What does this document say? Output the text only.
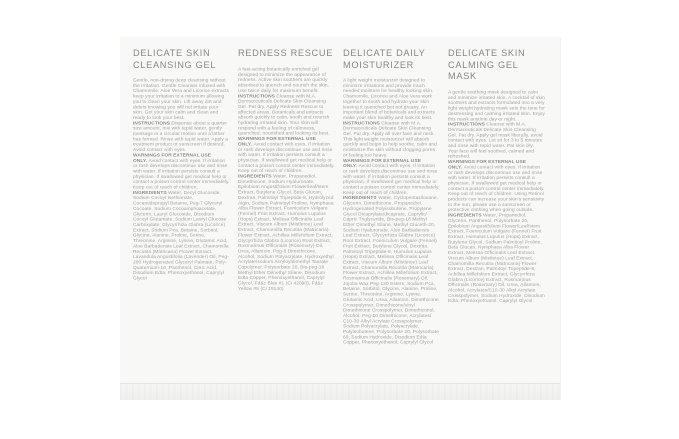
DELICATE SKIN CLEANSING GEL

Gentle, non-drying deep cleansing without the irritation. Gentle Cleanser infused with Chamomile, Aloe Vera and Licorice extracts keep your irritation to a minimum allowing you to clean your skin. Lift away dirt and debris knowing you will not irritate your skin. Get your skin calm and clean and ready to look your best.

INSTRUCTIONS Dispense about a quarter size amount, mix with tepid water, gently message in a circular motion until a lather has formed. Rinse with tepid water. Apply a treatment product or sunscreen if desired. Avoid contact with eyes.

WARNINGS FOR EXTERNAL USE ONLY. Avoid contact with eyes. If irritation or rash develops discontinue use and rinse with water. If irritation persists consult a physician. If swallowed get medical help or contact a poison control center immediately. Keep out of reach of children.

INGREDIENTS Water, Decyl Glucoside, Sodium Cocoyl Isethionate, Cocamidopropyl Betaine, Peg-7 Glyceryl Cocoate, Sodium Cocoamphoacetate, Glycerin, Lauryl Glucoside, Disodium Cocoyl Glutamate, Sodium Lauryl Glucose Carboxylate, Glycyrrhiza Glabra (Licorice) Extract, Sodium Pca, Betaine, Sorbitol, Glycine, Alanine, Proline, Serine, Threonine, Arginine, Lysine, Glutamic Acid, Aloe Barbadensis Leaf Extract, Chamomilla Recutita (Matricaria) Flower Extract, Lavandula Angustifolia (Lavender) Oil, Peg-200 Hydrogenated Glyceryl Palmate, Poly- Quaternium-10, Panthenol, Citric Acid, Disodium Edta, Phenoxyethanol, Caprylyl Glycol

REDNESS RESCUE

A fast-acting botanically enriched gel designed to minimize the appearance of redness. Active skin soothers are quickly absorbed to quench and nourish the skin. Use twice daily for maximum benefit.

INSTRUCTIONS Cleanse with M.A. Dermaceuticals Delicate Skin Cleansing Gel. Pat dry. Apply Redness Rescue to affected areas. Botanicals and extracts absorb quickly to calm, sooth and nourish hydrating irritated skin. Your skin will respond with a feeling of calmness, quenched, nourished and looking its best.

WARNINGS FOR EXTERNAL USE ONLY. Avoid contact with eyes. If irritation or rash develops discontinue use and rinse with water. If irritation persists consult a physician. If swallowed get medical help or contact a poison control center immediately. Keep out of reach of children.

INGREDIENTS Water, Propanediol, Dimethicone, Sodium Hyaluronate, Epilobium Angustifolium Flower/leaf/stem Extract, Butylene Glycol, Beta Glucan, Dextran, Palmitoyl Tripeptide-8, Hydrolyzed Algin, Sodium Palmitoyl Proline, Nymphaea Alba Flower Extract, Foeniculum Vulgare (Fennel) Fruit Extract, Humulus Lupulus (Hops) Extract, Melissa Officinalis Leaf Extract, Viscum Album (Mistletoe) Leaf Extract, Chamomilla Recutita (Matricaria) Flower Extract, Achillea Millefolium Extract, Glycyrrhiza Glabra (Licorice) Root Extract, Rosmarinus Officinalis (Rosemary) Oil, Urea, Allantoin, Peg-8 Dimethicone, Alcohol, Sodium Polyacrylate, Hydroxyethyl Acrylate/sodium Acryloyldimethyl Taurate Copolymer, Polysorbate 20, Bis-peg-18 Methyl Ether Dimethyl Silane, Disodium Edta Copper, Phenoxyethanol, Caprylyl Glycol, Fd&c Blue #1 (Ci 42090), Fd&c Yellow #5 (Ci 19140)

DELICATE DAILY MOISTURIZER

A light weight moisturizer designed to minimize irritations and provide much needed moisture for healthy looking skin. Chamomile, Licorice and Aloe Vera work together to sooth and hydrate your skin leaving it quenched but not greasy. An important blend of botanicals and extracts make your skin healthy and look its best.

INSTRUCTIONS Cleanse with M.A. Dermaceuticals Delicate Skin Cleansing Gel. Pat dry. Apply all over face and neck. This light weight moisturizer will absorb quickly and begin to help soothe, calm and moisturize the skin without clogging pores or feeling too heavy.

WARNINGS FOR EXTERNAL USE ONLY. Avoid contact with eyes. If irritation or rash develops discontinue use and rinse with water. If irritation persists consult a physician. If swallowed get medical help or contact a poison control center immediately. Keep out of reach of children.

INGREDIENTS Water, Cyclopentasiloxane, Glycerin, Dimethicone, Propanediol, Hydrogenated Polyisobutene, Propylene Glycol Dicaprylate/dicaprate, Caprylic/ Capric Triglyceride, Bis-peg-18 Methyl Ether Dimethyl Silane, Methyl Gluceth-20, Sodium Hyaluronate, Aloe Barbadensis Leaf Extract, Glycyrrhiza Glabra (Licorice) Root Extract, Foeniculum Vulgare (Fennel) Fruit Extract, Butylene Glycol, Dextran, Palmitoyl Tripeptide-8, Humulus Lupulus (Hops) Extract, Melissa Officinalis Leaf Extract, Viscum Album (Mistletoe) Leaf Extract, Chamomilla Recutita (Matricaria) Flower Extract, Achillea Millefolium Extract, Rosmarinus Officinalis (Rosemary) Oil, Jojoba Wax Peg-120 Esters, Sodium Pca, Betaine, Sorbitol, Glycine, Alanine, Proline, Serine, Threonine, Arginine, Lysine, Glutamic Acid, Urea, Allantoin, Dimethicone Crosspolymer, Dimethicone/vinyl Dimethicone Crosspolymer, Dimethiconol, Alcohol, Peg-10 Dimethicone, Acrylates/ C10-30 Alkyl Acrylate Crosspolymer, Sodium Polyacrylate, Polyacrylate, Polyisobutene, Polysorbate 20, Polysorbate 60, Sodium Hydroxide, Disodium Edta Copper, Phenoxyethanol, Caprylyl Glycol

DELICATE SKIN CALMING GEL MASK

A gentle soothing mask designed to calm and minimize irritated skin. A cocktail of skin soothers and extracts formulated into a very light weight hydrating mask sets the tone for destressing and calming irritated skin. Enjoy this mask anytime day or night.

INSTRUCTIONS Cleanse with M.A. Dermaceuticals Delicate Skin Cleansing Gel. Pat dry. Apply gel mask liberally, avoid contact with eyes. Let sit for 3 to 5 minutes and rinse with tepid water. Pat skin dry. Your face will feel soothed, calmed and refreshed.

WARNINGS FOR EXTERNAL USE ONLY. Avoid contact with eyes. If irritation or rash develops discontinue use and rinse with water. If irritation persists consult a physician. If swallowed get medical help or contact a poison control center immediately. Keep out of reach of children. Using Retinol products can increase your skin's sensitivity to the sun, please use a sunscreen or protective clothing when going outside.

INGREDIENTS Water, Propanediol, Glycerin, Panthenol, Polysorbate 20, Epilobium Angustifolium Flower/Leaf/stem Extract, Foeniculum Vulgare (Fennel) Fruit Extract, Humulus Lupulus (Hops) Extract, Butylene Glycol, Sodium Palmitoyl Proline, Beta Glucan, Nymphaea Alba Flower Extract, Melissa Officinalis Leaf Extract, Viscum Album (Mistletoe) Leaf Extract, Chamomilla Recutita (Matricaria) Flower Extract, Dextran, Palmitoyl Tripeptide-8, Achillea Millefolium Extract, Glycyrrhiza Glabra (Licorice) Extract, Rosmarinus Officinalis (Rosemary) Oil, Urea, Allantoin, Alcohol, Acrylates/C10-30 Alkyl Acrylate Crosspolymer, Sodium Hydroxide, Disodium Edta, Phenoxyethanol, Caprylyl Glycol
